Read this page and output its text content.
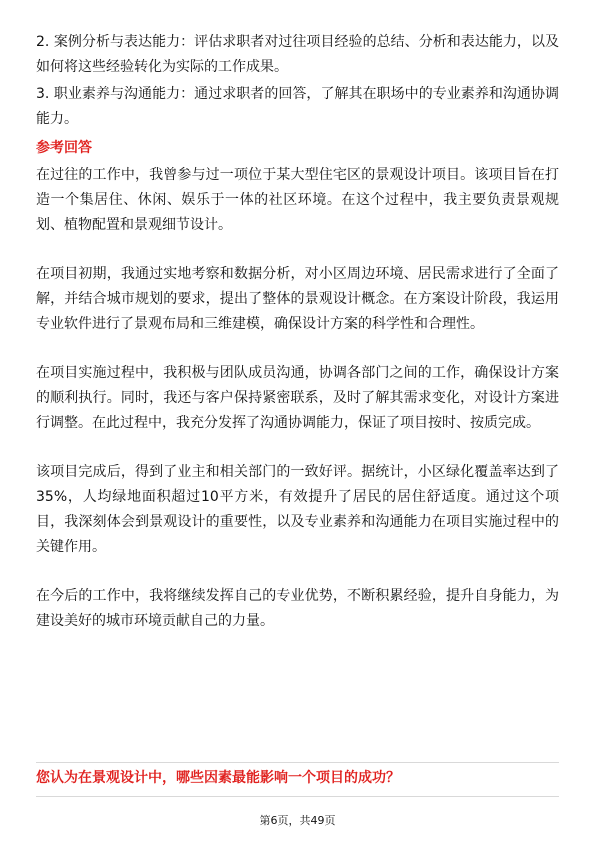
2. 案例分析与表达能力：评估求职者对过往项目经验的总结、分析和表达能力，以及如何将这些经验转化为实际的工作成果。

3. 职业素养与沟通能力：通过求职者的回答，了解其在职场中的专业素养和沟通协调能力。

参考回答

在过往的工作中，我曾参与过一项位于某大型住宅区的景观设计项目。该项目旨在打造一个集居住、休闲、娱乐于一体的社区环境。在这个过程中，我主要负责景观规划、植物配置和景观细节设计。

在项目初期，我通过实地考察和数据分析，对小区周边环境、居民需求进行了全面了解，并结合城市规划的要求，提出了整体的景观设计概念。在方案设计阶段，我运用专业软件进行了景观布局和三维建模，确保设计方案的科学性和合理性。

在项目实施过程中，我积极与团队成员沟通，协调各部门之间的工作，确保设计方案的顺利执行。同时，我还与客户保持紧密联系，及时了解其需求变化，对设计方案进行调整。在此过程中，我充分发挥了沟通协调能力，保证了项目按时、按质完成。

该项目完成后，得到了业主和相关部门的一致好评。据统计，小区绿化覆盖率达到了35%，人均绿地面积超过10平方米，有效提升了居民的居住舒适度。通过这个项目，我深刻体会到景观设计的重要性，以及专业素养和沟通能力在项目实施过程中的关键作用。

在今后的工作中，我将继续发挥自己的专业优势，不断积累经验，提升自身能力，为建设美好的城市环境贡献自己的力量。

您认为在景观设计中，哪些因素最能影响一个项目的成功？

第6页，共49页
